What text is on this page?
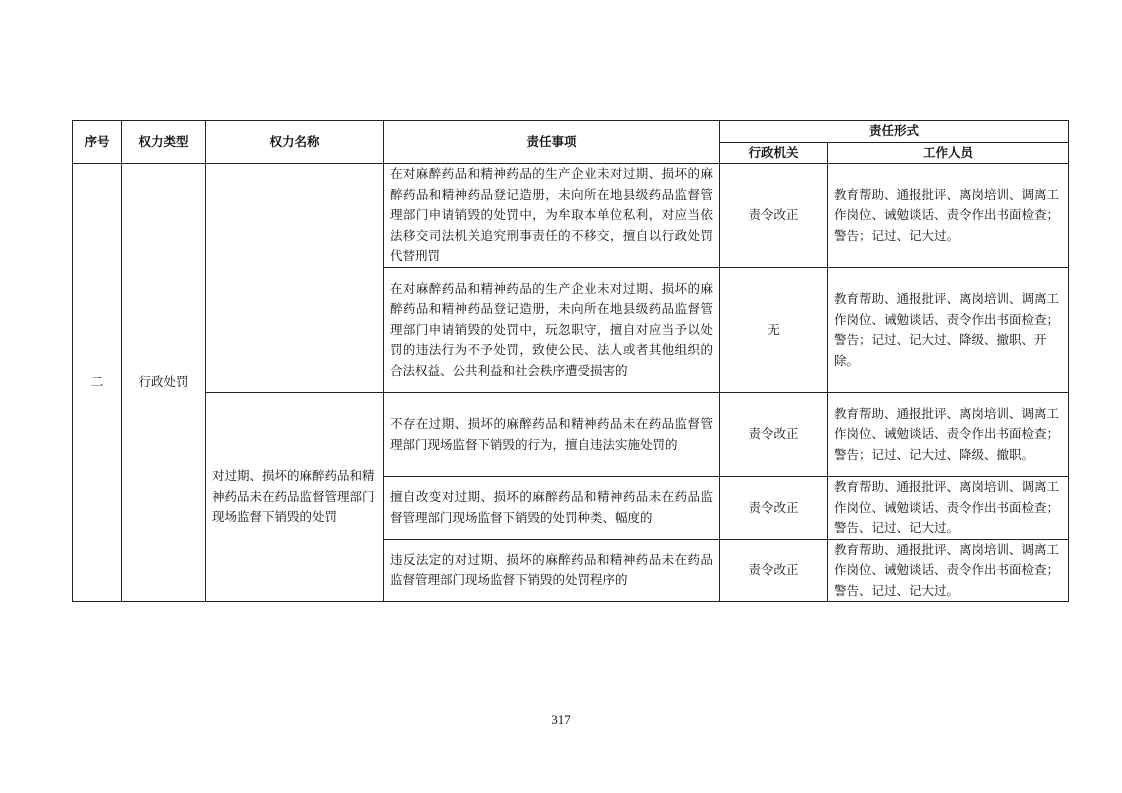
序号	权力类型	权力名称	责任事项	责任形式	
				行政机关	工作人员
二	行政处罚		在对麻醉药品和精神药品的生产企业未对过期、损坏的麻醉药品和精神药品登记造册，未向所在地县级药品监督管理部门申请销毁的处罚中，为牟取本单位私利，对应当依法移交司法机关追究刑事责任的不移交，擅自以行政处罚代替刑罚	责令改正	教育帮助、通报批评、离岗培训、调离工作岗位、诫勉谈话、责令作出书面检查；警告；记过、记大过。
			在对麻醉药品和精神药品的生产企业未对过期、损坏的麻醉药品和精神药品登记造册，未向所在地县级药品监督管理部门申请销毁的处罚中，玩忽职守，擅自对应当予以处罚的违法行为不予处罚，致使公民、法人或者其他组织的合法权益、公共利益和社会秩序遭受损害的	无	教育帮助、通报批评、离岗培训、调离工作岗位、诫勉谈话、责令作出书面检查；警告；记过、记大过、降级、撤职、开除。
		对过期、损坏的麻醉药品和精神药品未在药品监督管理部门现场监督下销毁的处罚	不存在过期、损坏的麻醉药品和精神药品未在药品监督管理部门现场监督下销毁的行为，擅自违法实施处罚的	责令改正	教育帮助、通报批评、离岗培训、调离工作岗位、诫勉谈话、责令作出书面检查；警告；记过、记大过、降级、撤职。
			擅自改变对过期、损坏的麻醉药品和精神药品未在药品监督管理部门现场监督下销毁的处罚种类、幅度的	责令改正	教育帮助、通报批评、离岗培训、调离工作岗位、诫勉谈话、责令作出书面检查；警告、记过、记大过。
			违反法定的对过期、损坏的麻醉药品和精神药品未在药品监督管理部门现场监督下销毁的处罚程序的	责令改正	教育帮助、通报批评、离岗培训、调离工作岗位、诫勉谈话、责令作出书面检查；警告、记过、记大过。
317
